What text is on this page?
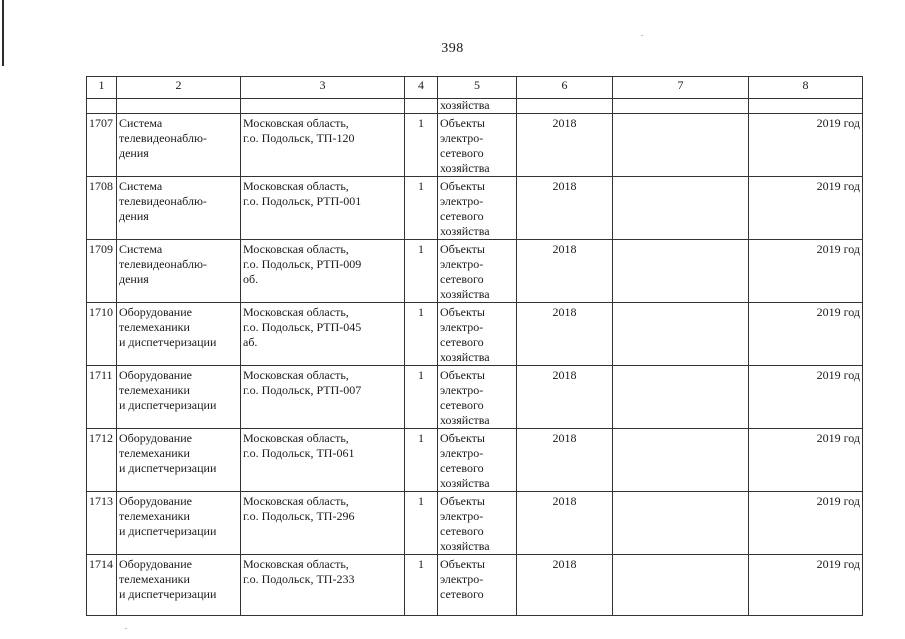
398
1	2	3	4	5	6	7	8
				хозяйства			
1707	Система
телевидеонаблю-
дения	Московская область,
г.о. Подольск, ТП-120	1	Объекты
электро-
сетевого
хозяйства	2018		2019 год
1708	Система
телевидеонаблю-
дения	Московская область,
г.о. Подольск, РТП-001	1	Объекты
электро-
сетевого
хозяйства	2018		2019 год
1709	Система
телевидеонаблю-
дения	Московская область,
г.о. Подольск, РТП-009
об.	1	Объекты
электро-
сетевого
хозяйства	2018		2019 год
1710	Оборудование
телемеханики
и диспетчеризации	Московская область,
г.о. Подольск, РТП-045
аб.	1	Объекты
электро-
сетевого
хозяйства	2018		2019 год
1711	Оборудование
телемеханики
и диспетчеризации	Московская область,
г.о. Подольск, РТП-007	1	Объекты
электро-
сетевого
хозяйства	2018		2019 год
1712	Оборудование
телемеханики
и диспетчеризации	Московская область,
г.о. Подольск, ТП-061	1	Объекты
электро-
сетевого
хозяйства	2018		2019 год
1713	Оборудование
телемеханики
и диспетчеризации	Московская область,
г.о. Подольск, ТП-296	1	Объекты
электро-
сетевого
хозяйства	2018		2019 год
1714	Оборудование
телемеханики
и диспетчеризации	Московская область,
г.о. Подольск, ТП-233	1	Объекты
электро-
сетевого	2018		2019 год
